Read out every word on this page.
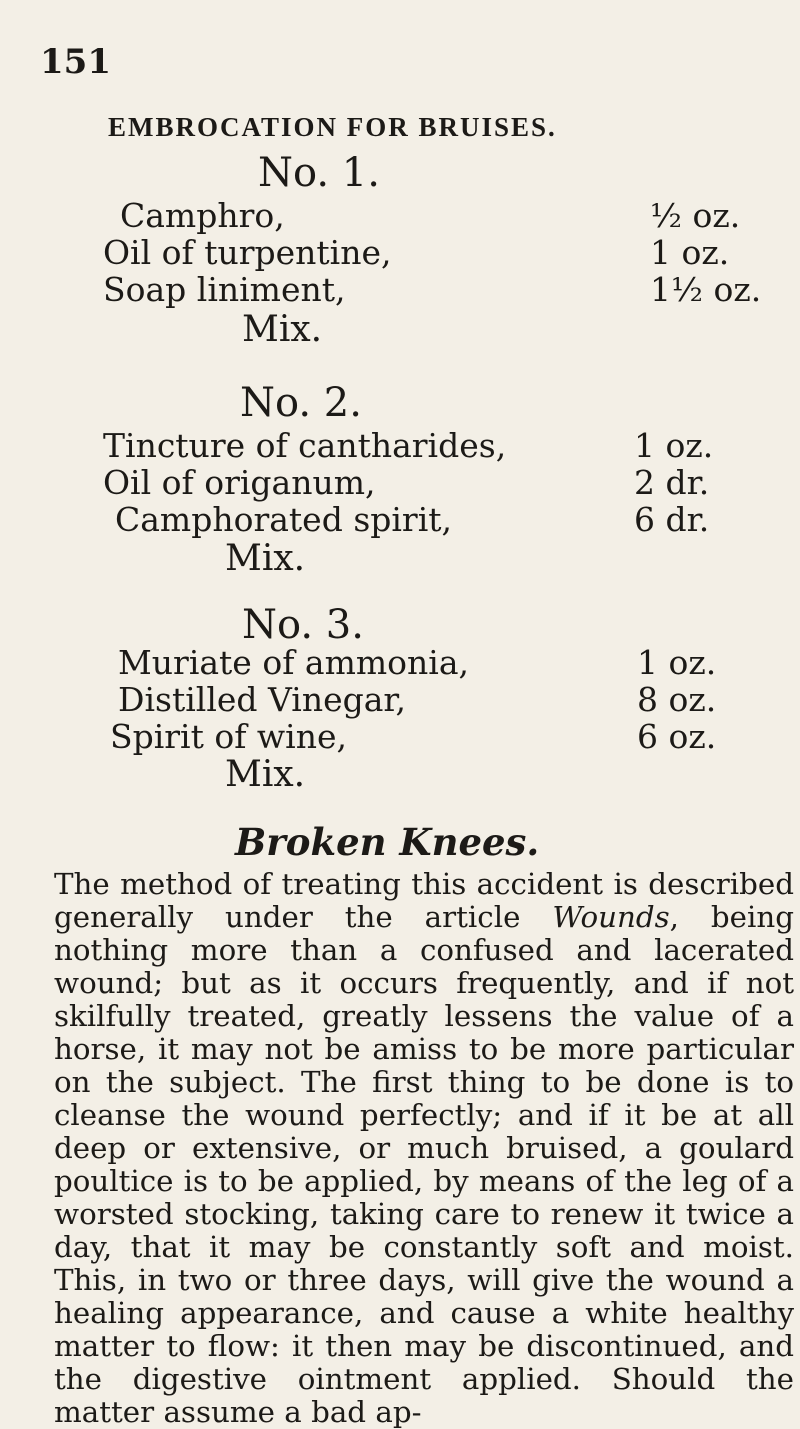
151
EMBROCATION FOR BRUISES.
No. 1.
Camphro,	½ oz.
Oil of turpentine,	1 oz.
Soap liniment,	1½ oz.
Mix.
No. 2.
Tincture of cantharides,	1 oz.
Oil of origanum,	2 dr.
Camphorated spirit,	6 dr.
Mix.
No. 3.
Muriate of ammonia,	1 oz.
Distilled Vinegar,	8 oz.
Spirit of wine,	6 oz.
Mix.
Broken Knees.

The method of treating this accident is described generally under the article Wounds, being nothing more than a confused and lacerated wound; but as it occurs frequently, and if not skilfully treated, greatly lessens the value of a horse, it may not be amiss to be more particular on the subject. The first thing to be done is to cleanse the wound perfectly; and if it be at all deep or extensive, or much bruised, a goulard poultice is to be applied, by means of the leg of a worsted stocking, taking care to renew it twice a day, that it may be constantly soft and moist. This, in two or three days, will give the wound a healing appearance, and cause a white healthy matter to flow: it then may be discontinued, and the digestive ointment applied. Should the matter assume a bad ap-
